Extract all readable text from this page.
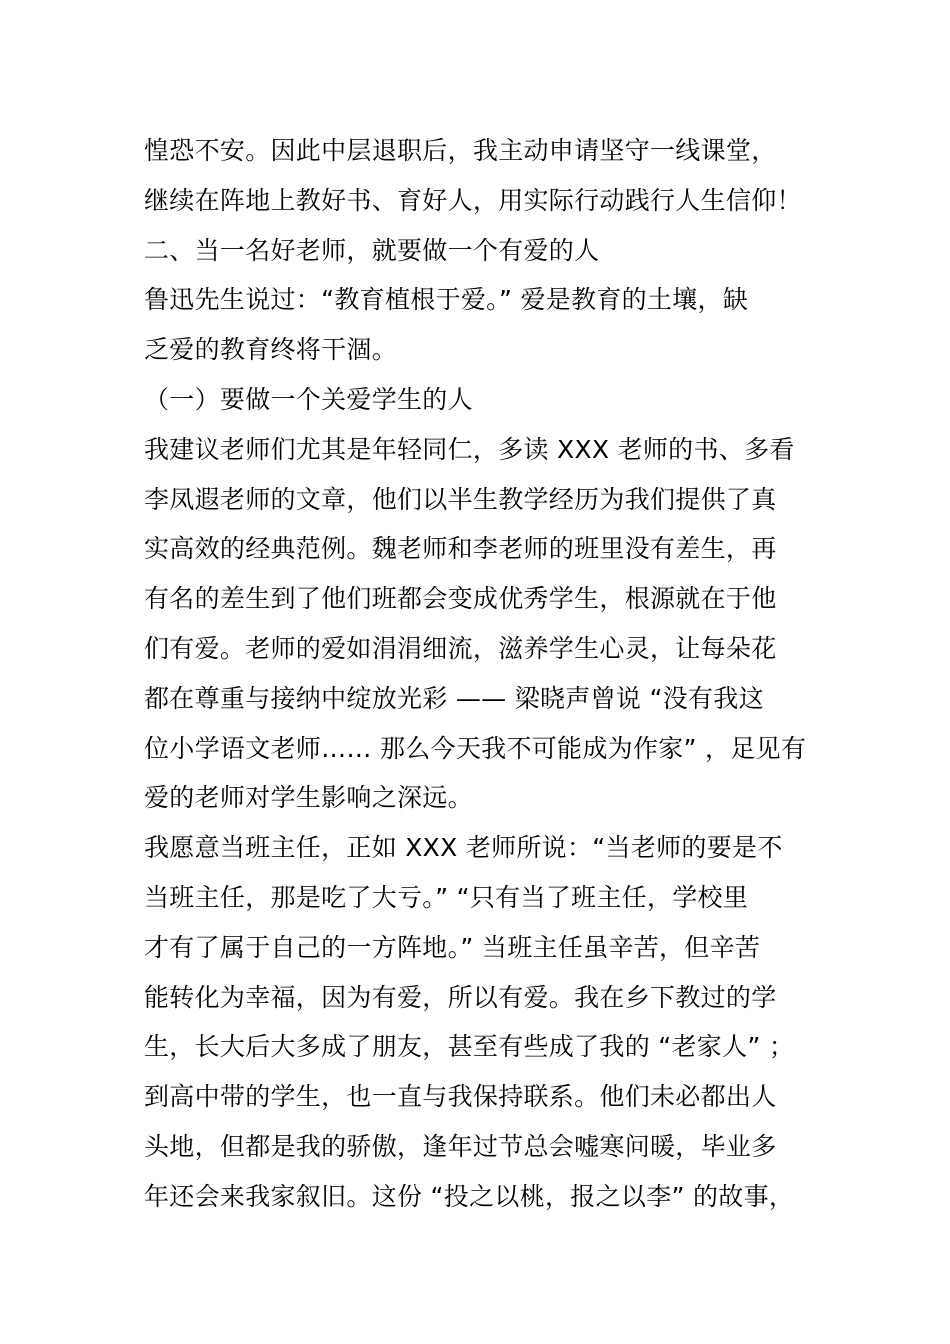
惶恐不安。因此中层退职后，我主动申请坚守一线课堂，
继续在阵地上教好书、育好人，用实际行动践行人生信仰！
二、当一名好老师，就要做一个有爱的人
鲁迅先生说过：“教育植根于爱。” 爱是教育的土壤，缺
乏爱的教育终将干涸。
（一）要做一个关爱学生的人
我建议老师们尤其是年轻同仁，多读 XXX 老师的书、多看
李凤遐老师的文章，他们以半生教学经历为我们提供了真
实高效的经典范例。魏老师和李老师的班里没有差生，再
有名的差生到了他们班都会变成优秀学生，根源就在于他
们有爱。老师的爱如涓涓细流，滋养学生心灵，让每朵花
都在尊重与接纳中绽放光彩 —— 梁晓声曾说 “没有我这
位小学语文老师…… 那么今天我不可能成为作家” ，足见有
爱的老师对学生影响之深远。
我愿意当班主任，正如 XXX 老师所说：“当老师的要是不
当班主任，那是吃了大亏。” “只有当了班主任，学校里
才有了属于自己的一方阵地。” 当班主任虽辛苦，但辛苦
能转化为幸福，因为有爱，所以有爱。我在乡下教过的学
生，长大后大多成了朋友，甚至有些成了我的 “老家人” ；
到高中带的学生，也一直与我保持联系。他们未必都出人
头地，但都是我的骄傲，逢年过节总会嘘寒问暖，毕业多
年还会来我家叙旧。这份 “投之以桃，报之以李” 的故事，
